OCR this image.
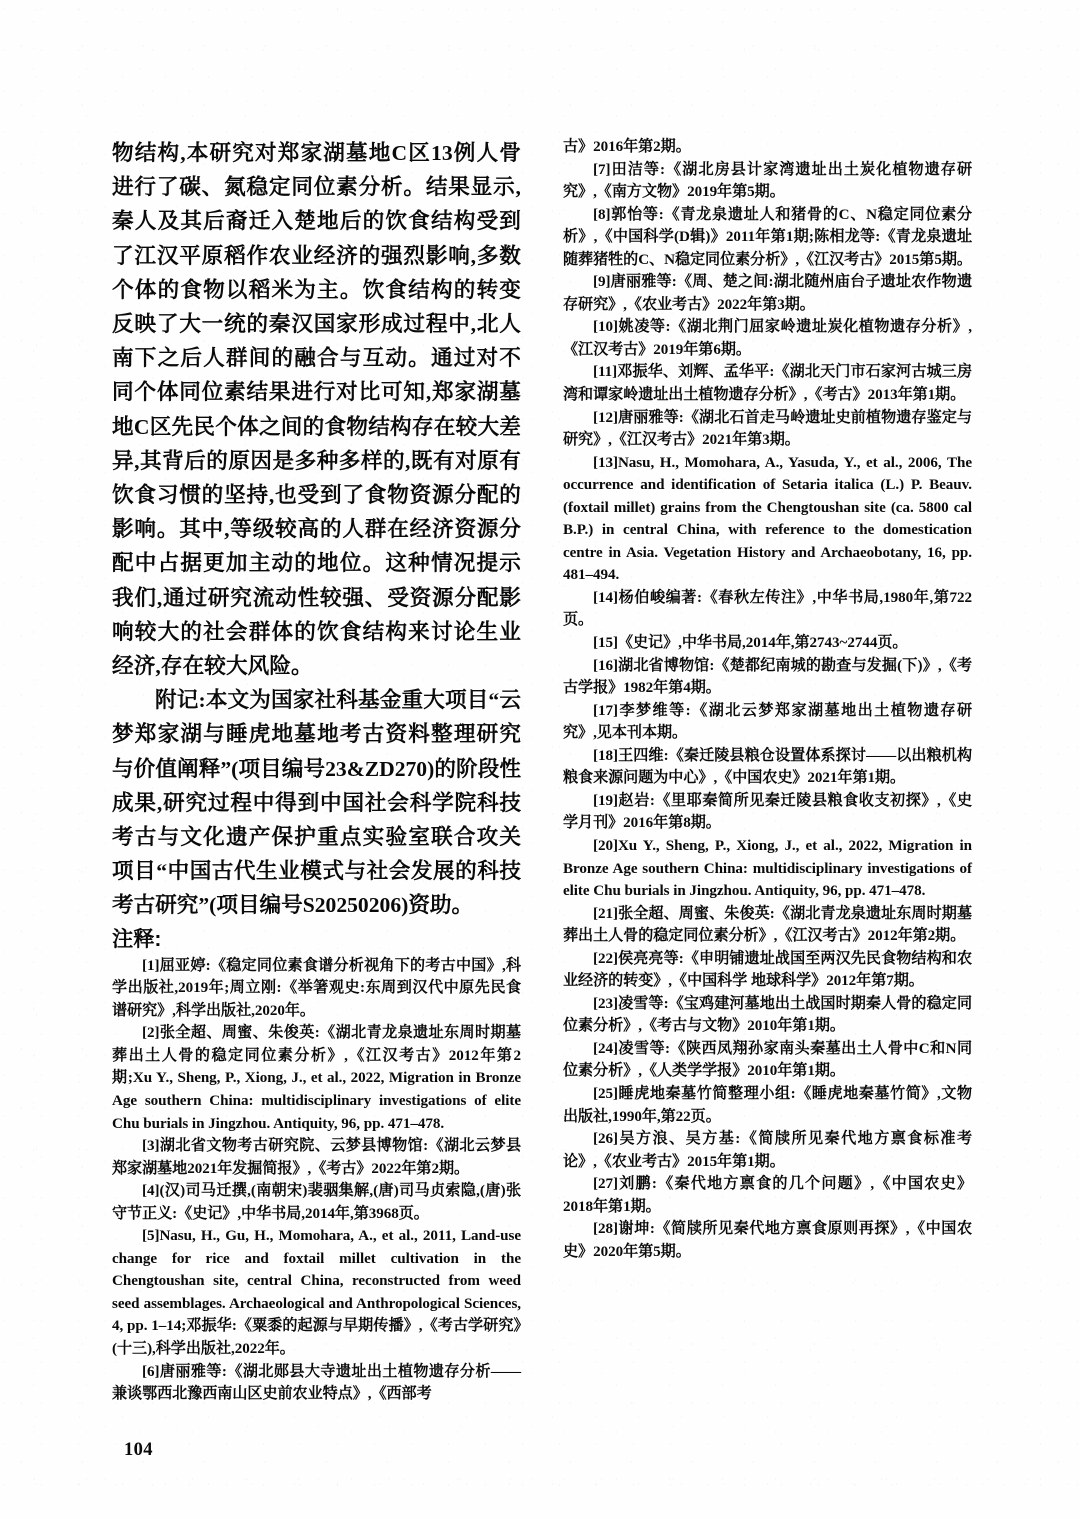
物结构,本研究对郑家湖墓地C区13例人骨进行了碳、氮稳定同位素分析。结果显示,秦人及其后裔迁入楚地后的饮食结构受到了江汉平原稻作农业经济的强烈影响,多数个体的食物以稻米为主。饮食结构的转变反映了大一统的秦汉国家形成过程中,北人南下之后人群间的融合与互动。通过对不同个体同位素结果进行对比可知,郑家湖墓地C区先民个体之间的食物结构存在较大差异,其背后的原因是多种多样的,既有对原有饮食习惯的坚持,也受到了食物资源分配的影响。其中,等级较高的人群在经济资源分配中占据更加主动的地位。这种情况提示我们,通过研究流动性较强、受资源分配影响较大的社会群体的饮食结构来讨论生业经济,存在较大风险。

附记:本文为国家社科基金重大项目“云梦郑家湖与睡虎地墓地考古资料整理研究与价值阐释”(项目编号23&ZD270)的阶段性成果,研究过程中得到中国社会科学院科技考古与文化遗产保护重点实验室联合攻关项目“中国古代生业模式与社会发展的科技考古研究”(项目编号S20250206)资助。

注释:

[1]屈亚婷:《稳定同位素食谱分析视角下的考古中国》,科学出版社,2019年;周立刚:《举箸观史:东周到汉代中原先民食谱研究》,科学出版社,2020年。

[2]张全超、周蜜、朱俊英:《湖北青龙泉遗址东周时期墓葬出土人骨的稳定同位素分析》,《江汉考古》2012年第2期;Xu Y., Sheng, P., Xiong, J., et al., 2022, Migration in Bronze Age southern China: multidisciplinary investigations of elite Chu burials in Jingzhou. Antiquity, 96, pp. 471–478.

[3]湖北省文物考古研究院、云梦县博物馆:《湖北云梦县郑家湖墓地2021年发掘简报》,《考古》2022年第2期。

[4](汉)司马迁撰,(南朝宋)裴骃集解,(唐)司马贞索隐,(唐)张守节正义:《史记》,中华书局,2014年,第3968页。

[5]Nasu, H., Gu, H., Momohara, A., et al., 2011, Land-use change for rice and foxtail millet cultivation in the Chengtoushan site, central China, reconstructed from weed seed assemblages. Archaeological and Anthropological Sciences, 4, pp. 1–14;邓振华:《粟黍的起源与早期传播》,《考古学研究》(十三),科学出版社,2022年。

[6]唐丽雅等:《湖北郧县大寺遗址出土植物遗存分析——兼谈鄂西北豫西南山区史前农业特点》,《西部考

古》2016年第2期。

[7]田洁等:《湖北房县计家湾遗址出土炭化植物遗存研究》,《南方文物》2019年第5期。

[8]郭怡等:《青龙泉遗址人和猪骨的C、N稳定同位素分析》,《中国科学(D辑)》2011年第1期;陈相龙等:《青龙泉遗址随葬猪牲的C、N稳定同位素分析》,《江汉考古》2015第5期。

[9]唐丽雅等:《周、楚之间:湖北随州庙台子遗址农作物遗存研究》,《农业考古》2022年第3期。

[10]姚凌等:《湖北荆门屈家岭遗址炭化植物遗存分析》,《江汉考古》2019年第6期。

[11]邓振华、刘辉、孟华平:《湖北天门市石家河古城三房湾和谭家岭遗址出土植物遗存分析》,《考古》2013年第1期。

[12]唐丽雅等:《湖北石首走马岭遗址史前植物遗存鉴定与研究》,《江汉考古》2021年第3期。

[13]Nasu, H., Momohara, A., Yasuda, Y., et al., 2006, The occurrence and identification of Setaria italica (L.) P. Beauv. (foxtail millet) grains from the Chengtoushan site (ca. 5800 cal B.P.) in central China, with reference to the domestication centre in Asia. Vegetation History and Archaeobotany, 16, pp. 481–494.

[14]杨伯峻编著:《春秋左传注》,中华书局,1980年,第722页。

[15]《史记》,中华书局,2014年,第2743~2744页。

[16]湖北省博物馆:《楚都纪南城的勘查与发掘(下)》,《考古学报》1982年第4期。

[17]李梦维等:《湖北云梦郑家湖墓地出土植物遗存研究》,见本刊本期。

[18]王四维:《秦迁陵县粮仓设置体系探讨——以出粮机构粮食来源问题为中心》,《中国农史》2021年第1期。

[19]赵岩:《里耶秦简所见秦迁陵县粮食收支初探》,《史学月刊》2016年第8期。

[20]Xu Y., Sheng, P., Xiong, J., et al., 2022, Migration in Bronze Age southern China: multidisciplinary investigations of elite Chu burials in Jingzhou. Antiquity, 96, pp. 471–478.

[21]张全超、周蜜、朱俊英:《湖北青龙泉遗址东周时期墓葬出土人骨的稳定同位素分析》,《江汉考古》2012年第2期。

[22]侯亮亮等:《申明铺遗址战国至两汉先民食物结构和农业经济的转变》,《中国科学 地球科学》2012年第7期。

[23]凌雪等:《宝鸡建河墓地出土战国时期秦人骨的稳定同位素分析》,《考古与文物》2010年第1期。

[24]凌雪等:《陕西凤翔孙家南头秦墓出土人骨中C和N同位素分析》,《人类学学报》2010年第1期。

[25]睡虎地秦墓竹简整理小组:《睡虎地秦墓竹简》,文物出版社,1990年,第22页。

[26]吴方浪、吴方基:《简牍所见秦代地方禀食标准考论》,《农业考古》2015年第1期。

[27]刘鹏:《秦代地方禀食的几个问题》,《中国农史》2018年第1期。

[28]谢坤:《简牍所见秦代地方禀食原则再探》,《中国农史》2020年第5期。

104
